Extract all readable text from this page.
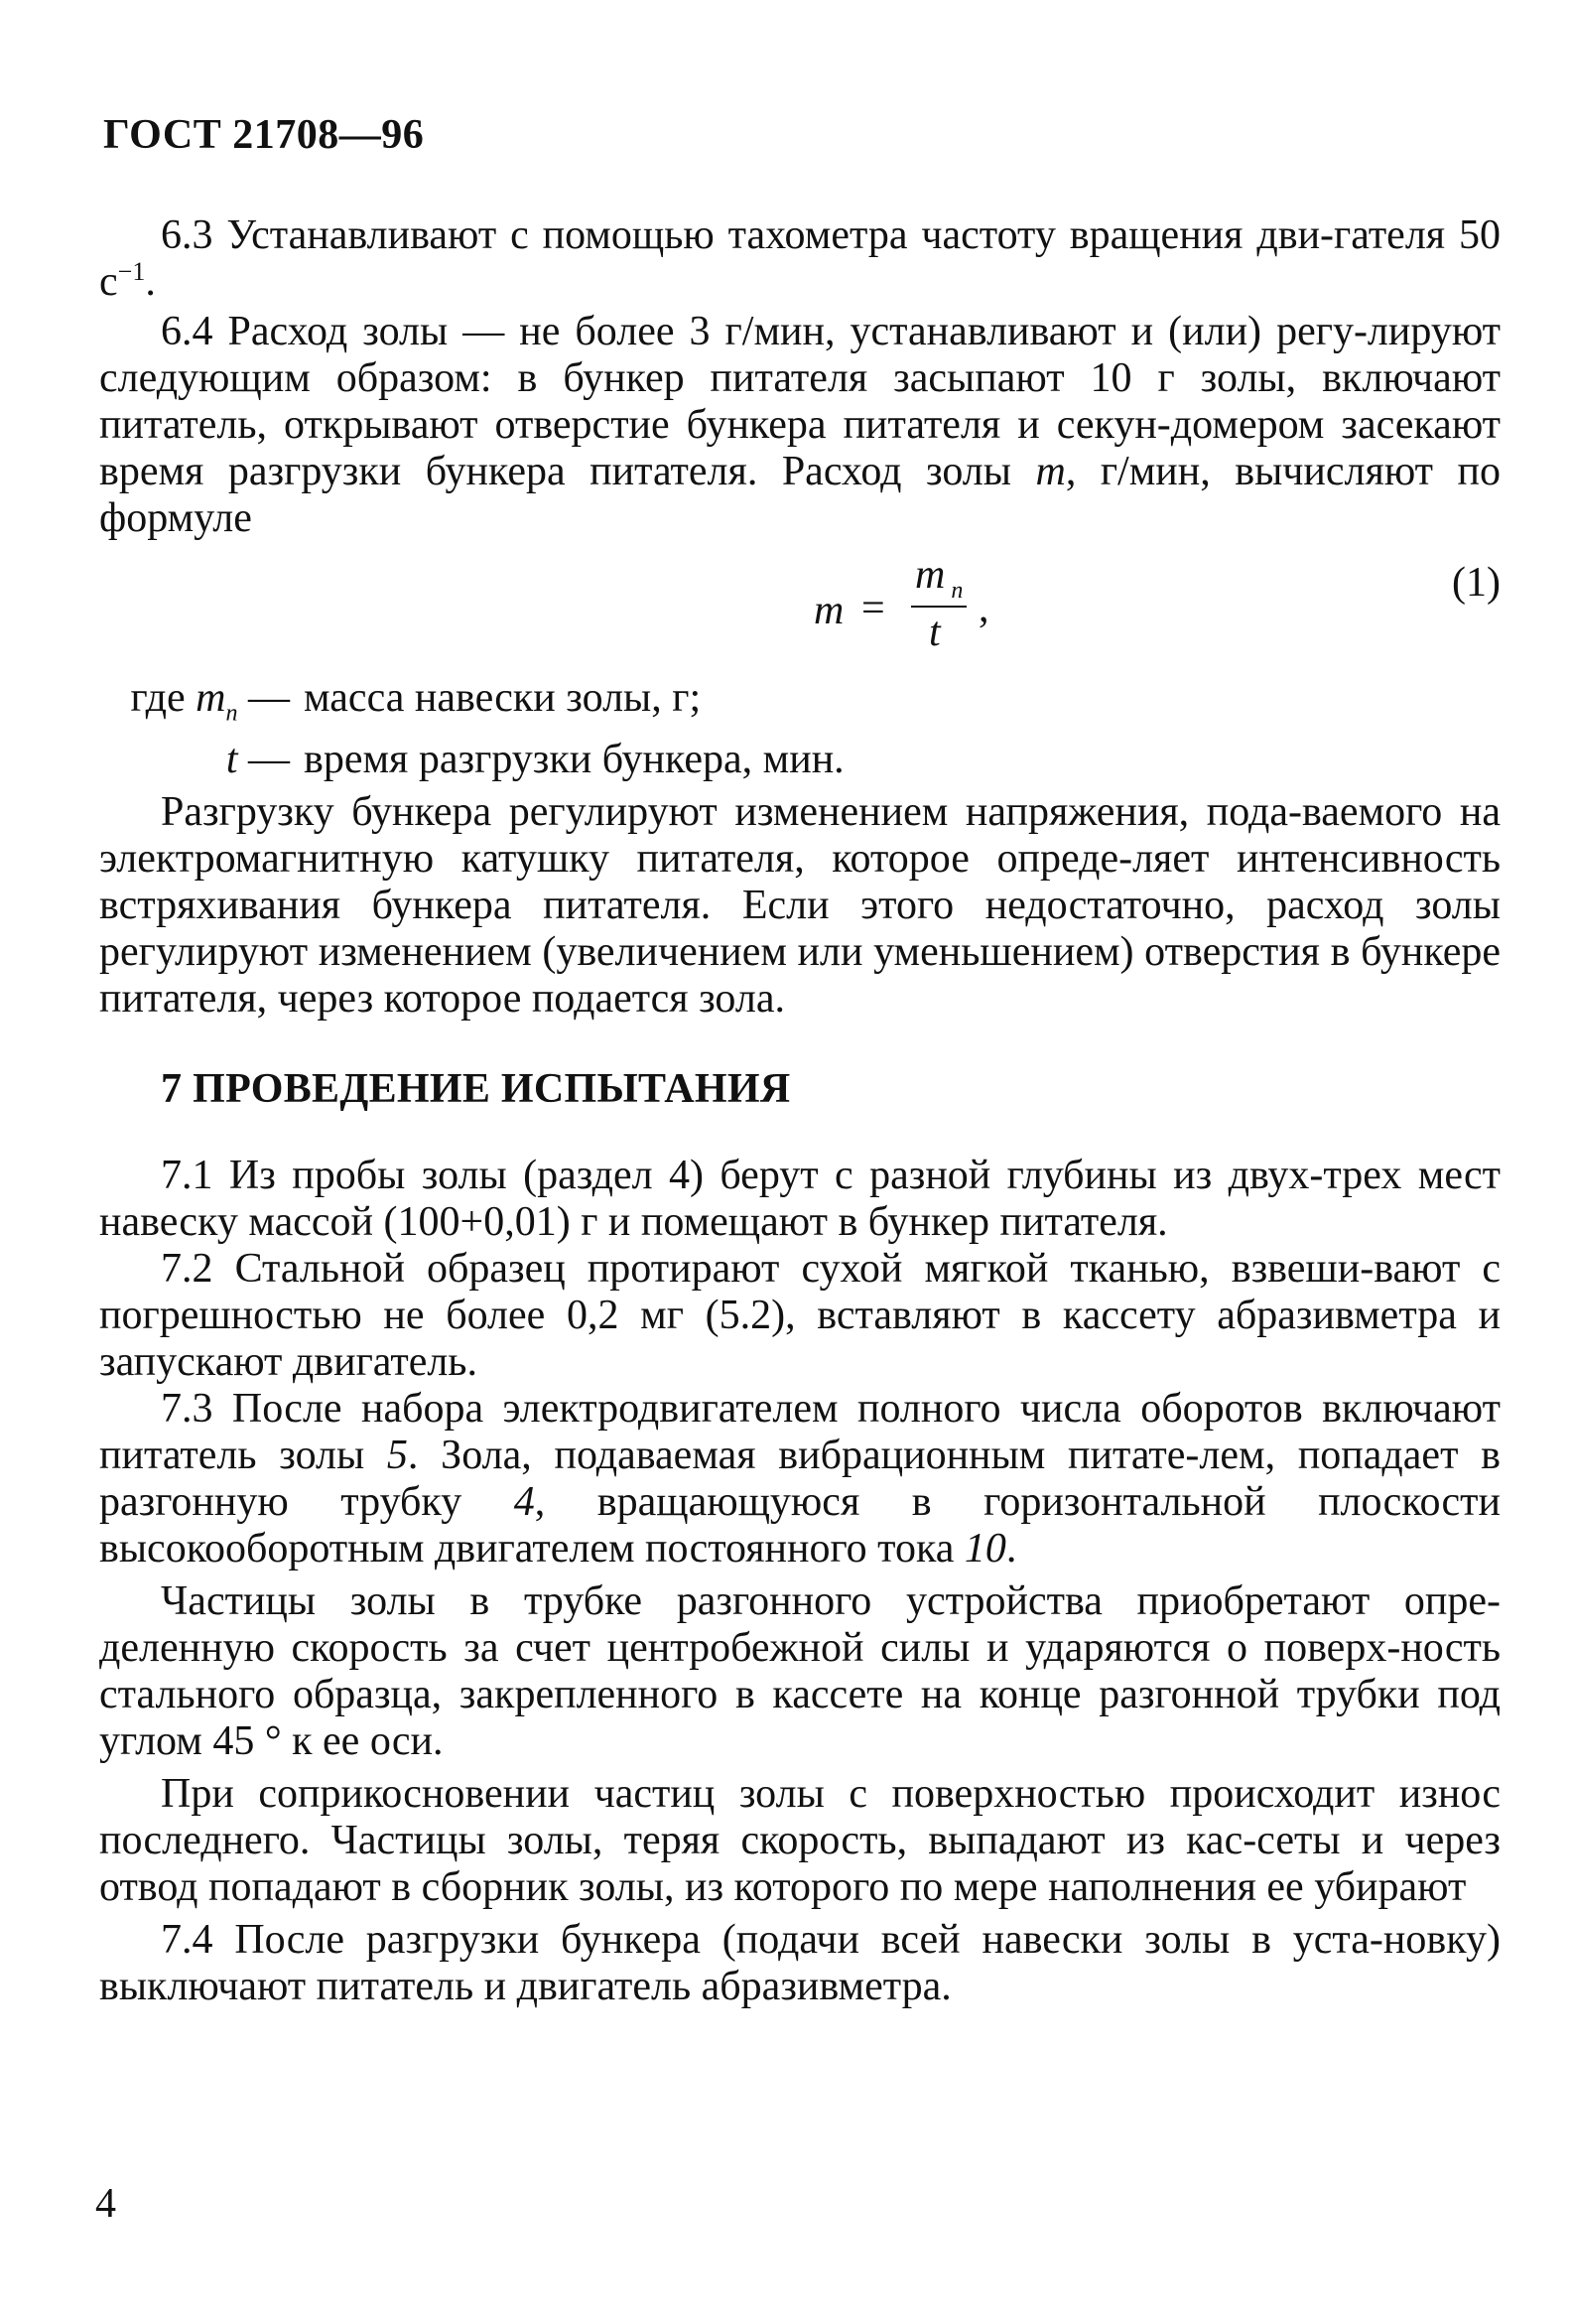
ГОСТ 21708—96

6.3 Устанавливают с помощью тахометра частоту вращения дви-гателя 50 $с^{-1}$.

6.4 Расход золы — не более 3 г/мин, устанавливают и (или) регу-лируют следующим образом: в бункер питателя засыпают 10 г золы, включают питатель, открывают отверстие бункера питателя и секун-домером засекают время разгрузки бункера питателя. Расход золы m, г/мин, вычисляют по формуле

m =
m $_n$
t
,
(1)
где $m_n$ — масса навески золы, г;
t — время разгрузки бункера, мин.

Разгрузку бункера регулируют изменением напряжения, пода-ваемого на электромагнитную катушку питателя, которое опреде-ляет интенсивность встряхивания бункера питателя. Если этого недостаточно, расход золы регулируют изменением (увеличением или уменьшением) отверстия в бункере питателя, через которое подается зола.

7 ПРОВЕДЕНИЕ ИСПЫТАНИЯ

7.1 Из пробы золы (раздел 4) берут с разной глубины из двух-трех мест навеску массой (100+0,01) г и помещают в бункер питателя.

7.2 Стальной образец протирают сухой мягкой тканью, взвеши-вают с погрешностью не более 0,2 мг (5.2), вставляют в кассету абразивметра и запускают двигатель.

7.3 После набора электродвигателем полного числа оборотов включают питатель золы 5. Зола, подаваемая вибрационным питате-лем, попадает в разгонную трубку 4, вращающуюся в горизонтальной плоскости высокооборотным двигателем постоянного тока 10.

Частицы золы в трубке разгонного устройства приобретают опре-деленную скорость за счет центробежной силы и ударяются о поверх-ность стального образца, закрепленного в кассете на конце разгонной трубки под углом 45 ° к ее оси.

При соприкосновении частиц золы с поверхностью происходит износ последнего. Частицы золы, теряя скорость, выпадают из кас-сеты и через отвод попадают в сборник золы, из которого по мере наполнения ее убирают

7.4 После разгрузки бункера (подачи всей навески золы в уста-новку) выключают питатель и двигатель абразивметра.

4
